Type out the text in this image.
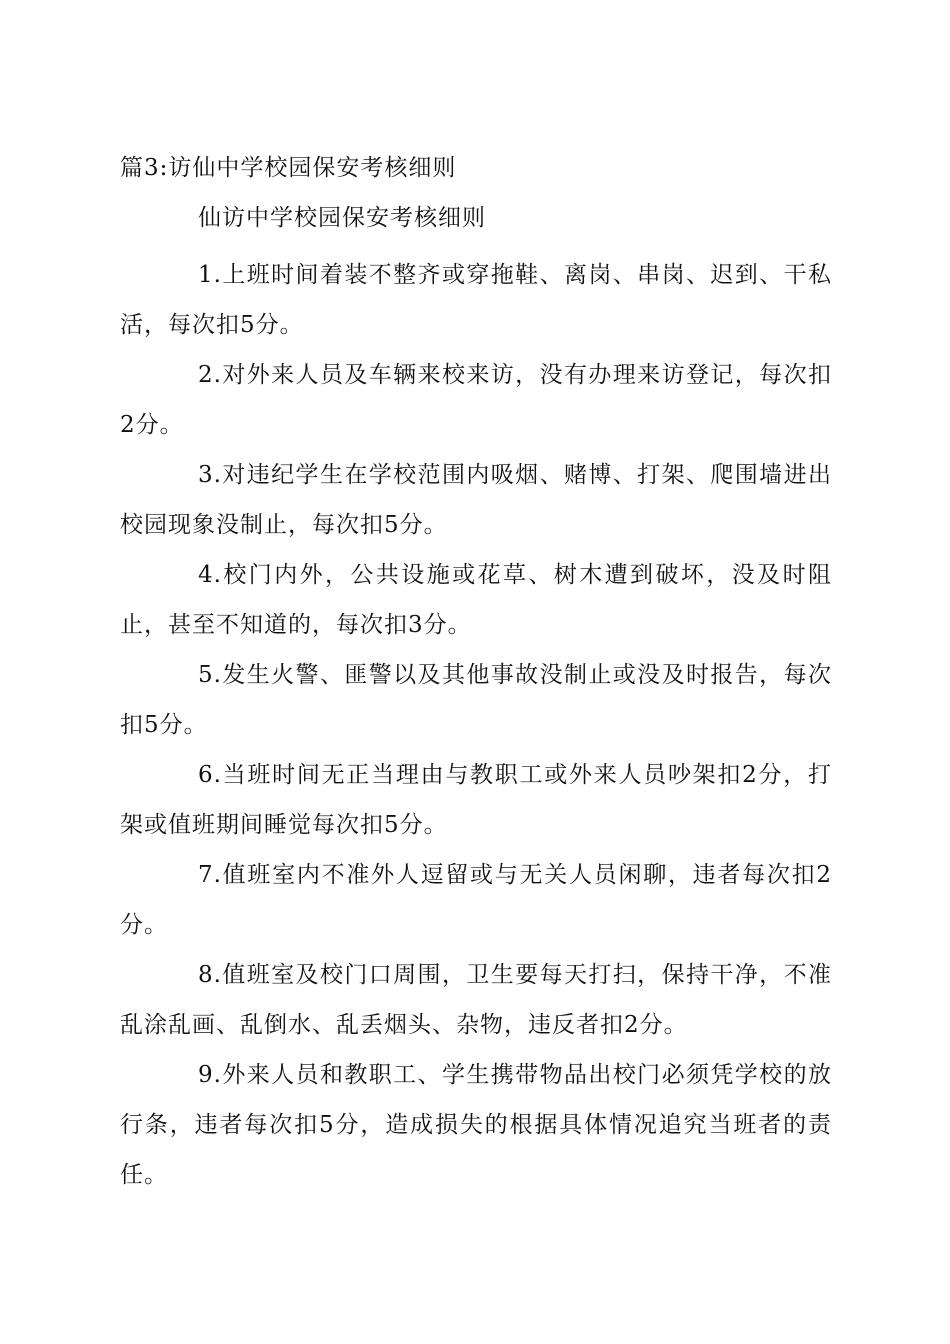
篇3:访仙中学校园保安考核细则
仙访中学校园保安考核细则

1.上班时间着装不整齐或穿拖鞋、离岗、串岗、迟到、干私活，每次扣5分。

2.对外来人员及车辆来校来访，没有办理来访登记，每次扣2分。

3.对违纪学生在学校范围内吸烟、赌博、打架、爬围墙进出校园现象没制止，每次扣5分。

4.校门内外，公共设施或花草、树木遭到破坏，没及时阻止，甚至不知道的，每次扣3分。

5.发生火警、匪警以及其他事故没制止或没及时报告，每次扣5分。

6.当班时间无正当理由与教职工或外来人员吵架扣2分，打架或值班期间睡觉每次扣5分。

7.值班室内不准外人逗留或与无关人员闲聊，违者每次扣2分。

8.值班室及校门口周围，卫生要每天打扫，保持干净，不准乱涂乱画、乱倒水、乱丢烟头、杂物，违反者扣2分。

9.外来人员和教职工、学生携带物品出校门必须凭学校的放行条，违者每次扣5分，造成损失的根据具体情况追究当班者的责任。
